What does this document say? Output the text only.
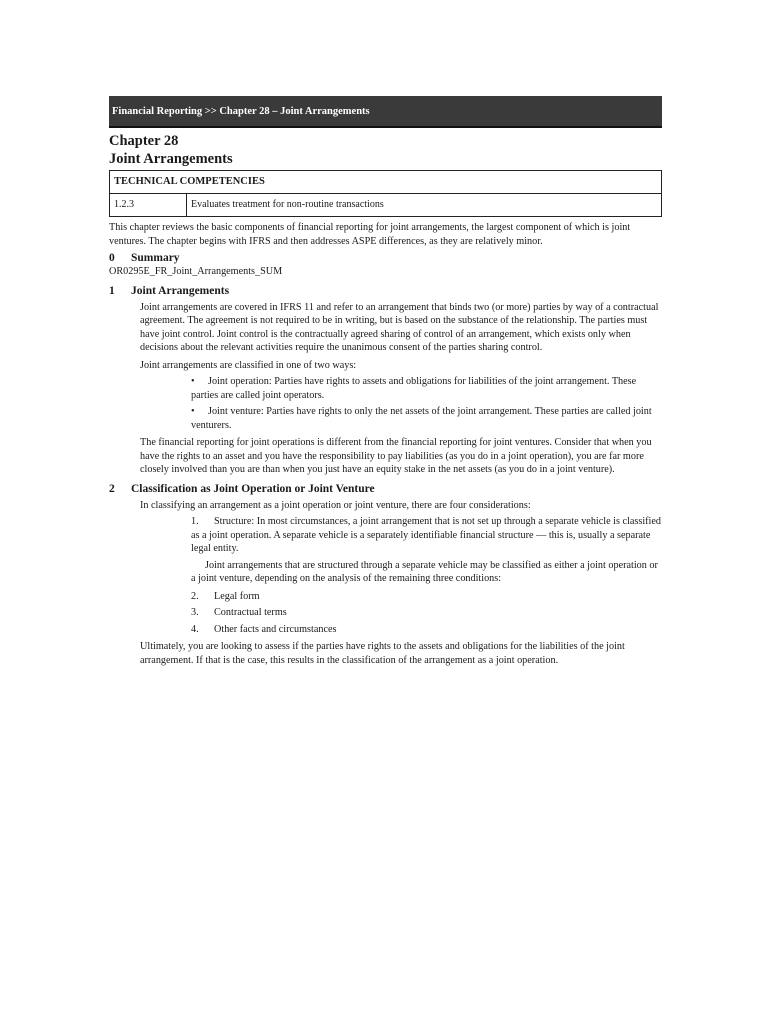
Financial Reporting >> Chapter 28 – Joint Arrangements
Chapter 28
Joint Arrangements
TECHNICAL COMPETENCIES
1.2.3	Evaluates treatment for non-routine transactions

This chapter reviews the basic components of financial reporting for joint arrangements, the largest component of which is joint ventures. The chapter begins with IFRS and then addresses ASPE differences, as they are relatively minor.

0 Summary

OR0295E_FR_Joint_Arrangements_SUM

1 Joint Arrangements

Joint arrangements are covered in IFRS 11 and refer to an arrangement that binds two (or more) parties by way of a contractual agreement. The agreement is not required to be in writing, but is based on the substance of the relationship. The parties must have joint control. Joint control is the contractually agreed sharing of control of an arrangement, which exists only when decisions about the relevant activities require the unanimous consent of the parties sharing control.

Joint arrangements are classified in one of two ways:

• Joint operation: Parties have rights to assets and obligations for liabilities of the joint arrangement. These parties are called joint operators.
• Joint venture: Parties have rights to only the net assets of the joint arrangement. These parties are called joint venturers.

The financial reporting for joint operations is different from the financial reporting for joint ventures. Consider that when you have the rights to an asset and you have the responsibility to pay liabilities (as you do in a joint operation), you are far more closely involved than you are than when you just have an equity stake in the net assets (as you do in a joint venture).

2 Classification as Joint Operation or Joint Venture

In classifying an arrangement as a joint operation or joint venture, there are four considerations:

1. Structure: In most circumstances, a joint arrangement that is not set up through a separate vehicle is classified as a joint operation. A separate vehicle is a separately identifiable financial structure — this is, usually a separate legal entity.

Joint arrangements that are structured through a separate vehicle may be classified as either a joint operation or a joint venture, depending on the analysis of the remaining three conditions:

2. Legal form
3. Contractual terms
4. Other facts and circumstances

Ultimately, you are looking to assess if the parties have rights to the assets and obligations for the liabilities of the joint arrangement. If that is the case, this results in the classification of the arrangement as a joint operation.
